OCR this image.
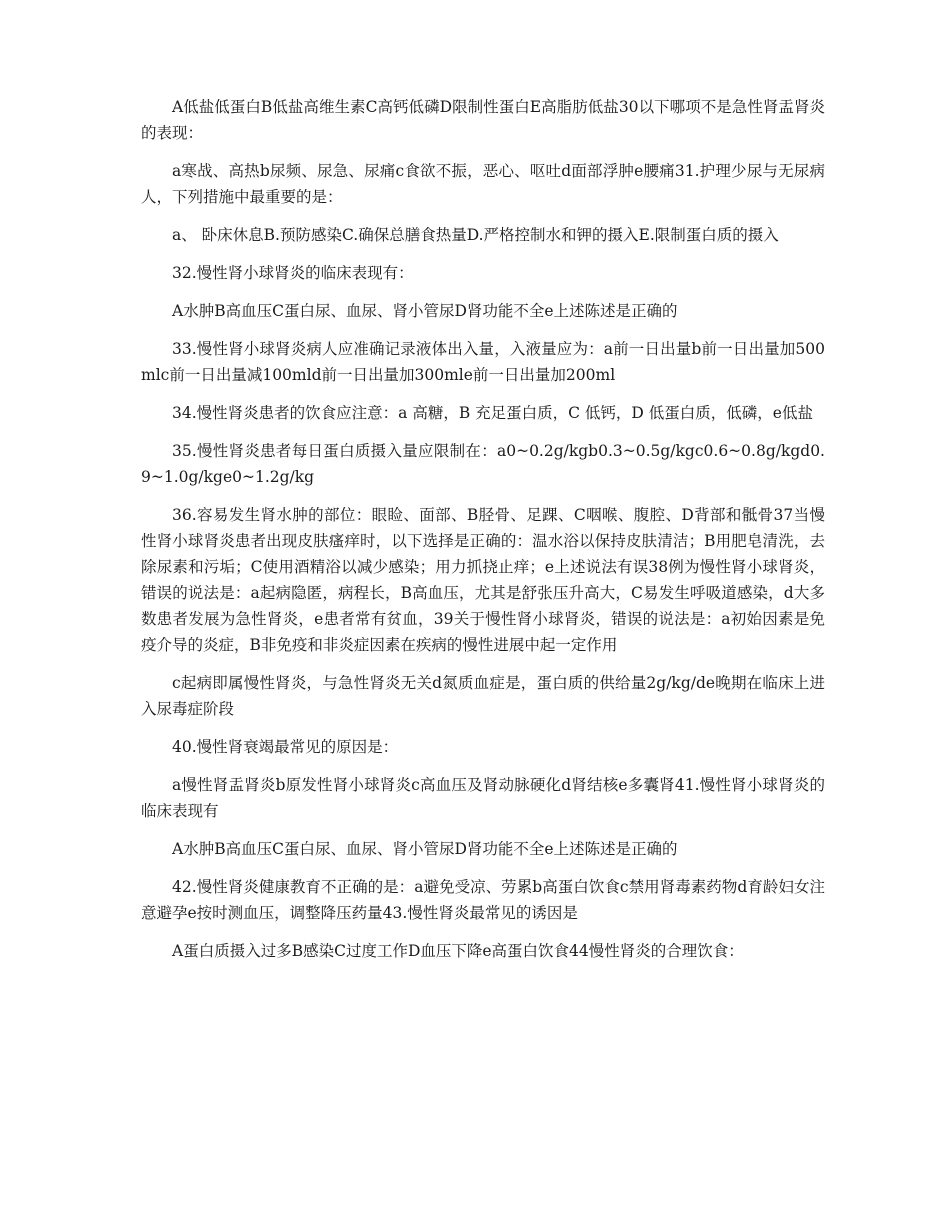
A低盐低蛋白B低盐高维生素C高钙低磷D限制性蛋白E高脂肪低盐30以下哪项不是急性肾盂肾炎的表现：

a寒战、高热b尿频、尿急、尿痛c食欲不振，恶心、呕吐d面部浮肿e腰痛31.护理少尿与无尿病人，下列措施中最重要的是：

a、 卧床休息B.预防感染C.确保总膳食热量D.严格控制水和钾的摄入E.限制蛋白质的摄入

32.慢性肾小球肾炎的临床表现有：

A水肿B高血压C蛋白尿、血尿、肾小管尿D肾功能不全e上述陈述是正确的

33.慢性肾小球肾炎病人应准确记录液体出入量，入液量应为：a前一日出量b前一日出量加500mlc前一日出量减100mld前一日出量加300mle前一日出量加200ml

34.慢性肾炎患者的饮食应注意：a 高糖，B 充足蛋白质，C 低钙，D 低蛋白质，低磷，e低盐

35.慢性肾炎患者每日蛋白质摄入量应限制在：a0~0.2g/kgb0.3~0.5g/kgc0.6~0.8g/kgd0.9~1.0g/kge0~1.2g/kg

36.容易发生肾水肿的部位：眼睑、面部、B胫骨、足踝、C咽喉、腹腔、D背部和骶骨37当慢性肾小球肾炎患者出现皮肤瘙痒时，以下选择是正确的：温水浴以保持皮肤清洁；B用肥皂清洗，去除尿素和污垢；C使用酒精浴以减少感染；用力抓挠止痒；e上述说法有误38例为慢性肾小球肾炎，错误的说法是：a起病隐匿，病程长，B高血压，尤其是舒张压升高大，C易发生呼吸道感染，d大多数患者发展为急性肾炎，e患者常有贫血，39关于慢性肾小球肾炎，错误的说法是：a初始因素是免疫介导的炎症，B非免疫和非炎症因素在疾病的慢性进展中起一定作用

c起病即属慢性肾炎，与急性肾炎无关d氮质血症是，蛋白质的供给量2g/kg/de晚期在临床上进入尿毒症阶段

40.慢性肾衰竭最常见的原因是：

a慢性肾盂肾炎b原发性肾小球肾炎c高血压及肾动脉硬化d肾结核e多囊肾41.慢性肾小球肾炎的临床表现有

A水肿B高血压C蛋白尿、血尿、肾小管尿D肾功能不全e上述陈述是正确的

42.慢性肾炎健康教育不正确的是：a避免受凉、劳累b高蛋白饮食c禁用肾毒素药物d育龄妇女注意避孕e按时测血压，调整降压药量43.慢性肾炎最常见的诱因是

A蛋白质摄入过多B感染C过度工作D血压下降e高蛋白饮食44慢性肾炎的合理饮食：
